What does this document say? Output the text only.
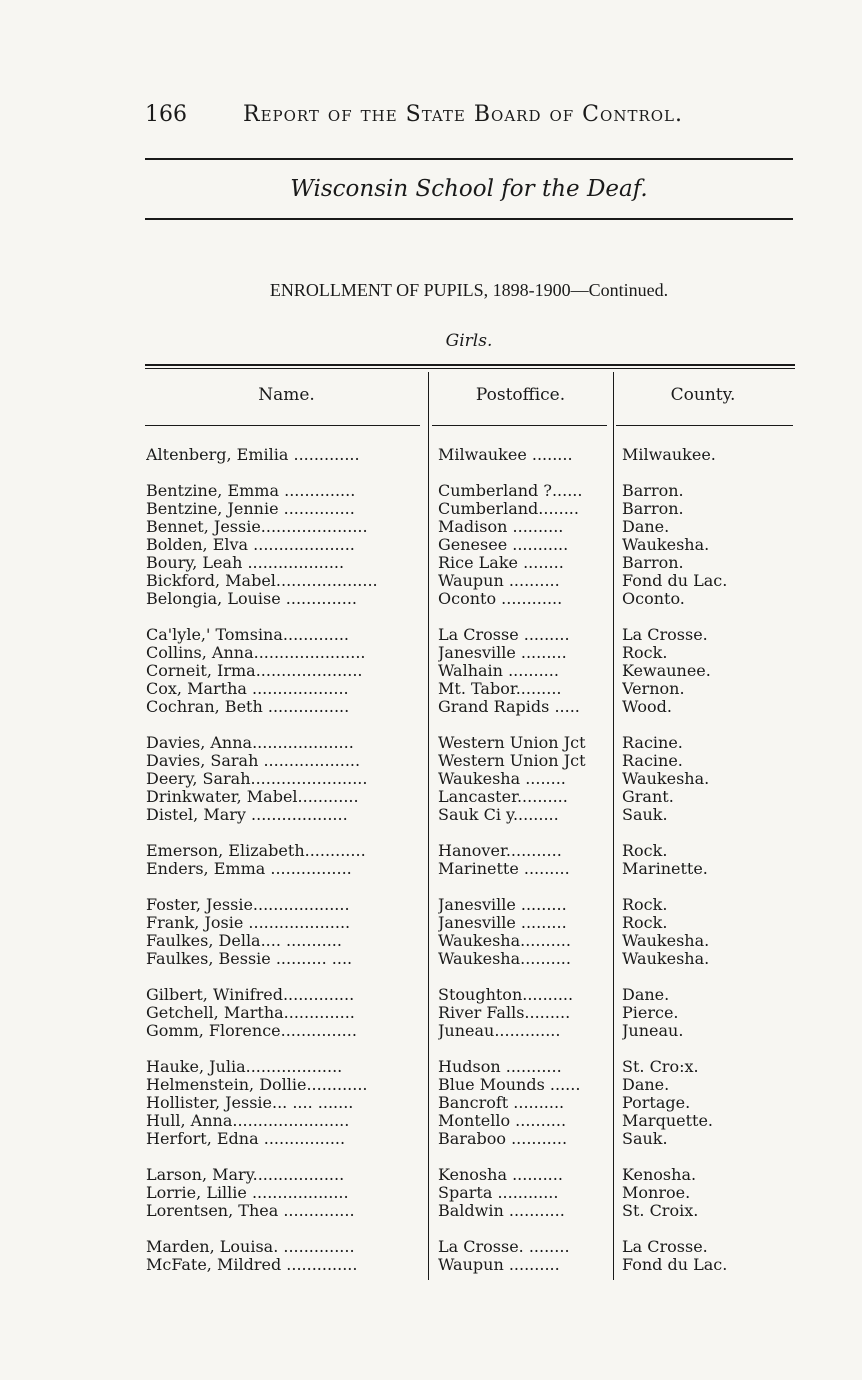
166	Report of the State Board of Control.
Wisconsin School for the Deaf.
ENROLLMENT OF PUPILS, 1898-1900—Continued.
Girls.
Name.	Postoffice.	County.
Altenberg, Emilia .............	Milwaukee ........	Milwaukee.
Bentzine, Emma ..............	Cumberland ?......	Barron.
Bentzine, Jennie ..............	Cumberland........	Barron.
Bennet, Jessie.....................	Madison ..........	Dane.
Bolden, Elva ....................	Genesee ...........	Waukesha.
Boury, Leah ...................	Rice Lake ........	Barron.
Bickford, Mabel....................	Waupun ..........	Fond du Lac.
Belongia, Louise ..............	Oconto ............	Oconto.
Ca'lyle,' Tomsina.............	La Crosse .........	La Crosse.
Collins, Anna......................	Janesville .........	Rock.
Corneit, Irma.....................	Walhain ..........	Kewaunee.
Cox, Martha ...................	Mt. Tabor.........	Vernon.
Cochran, Beth ................	Grand Rapids .....	Wood.
Davies, Anna....................	Western Union Jct	Racine.
Davies, Sarah ...................	Western Union Jct	Racine.
Deery, Sarah.......................	Waukesha ........	Waukesha.
Drinkwater, Mabel............	Lancaster..........	Grant.
Distel, Mary ...................	Sauk Ci y.........	Sauk.
Emerson, Elizabeth............	Hanover...........	Rock.
Enders, Emma ................	Marinette .........	Marinette.
Foster, Jessie...................	Janesville .........	Rock.
Frank, Josie ....................	Janesville .........	Rock.
Faulkes, Della.... ...........	Waukesha..........	Waukesha.
Faulkes, Bessie .......... ....	Waukesha..........	Waukesha.
Gilbert, Winifred..............	Stoughton..........	Dane.
Getchell, Martha..............	River Falls.........	Pierce.
Gomm, Florence...............	Juneau.............	Juneau.
Hauke, Julia...................	Hudson ...........	St. Cro:x.
Helmenstein, Dollie............	Blue Mounds ......	Dane.
Hollister, Jessie... .... .......	Bancroft ..........	Portage.
Hull, Anna.......................	Montello ..........	Marquette.
Herfort, Edna ................	Baraboo ...........	Sauk.
Larson, Mary..................	Kenosha ..........	Kenosha.
Lorrie, Lillie ...................	Sparta ............	Monroe.
Lorentsen, Thea ..............	Baldwin ...........	St. Croix.
Marden, Louisa. ..............	La Crosse. ........	La Crosse.
McFate, Mildred ..............	Waupun ..........	Fond du Lac.
